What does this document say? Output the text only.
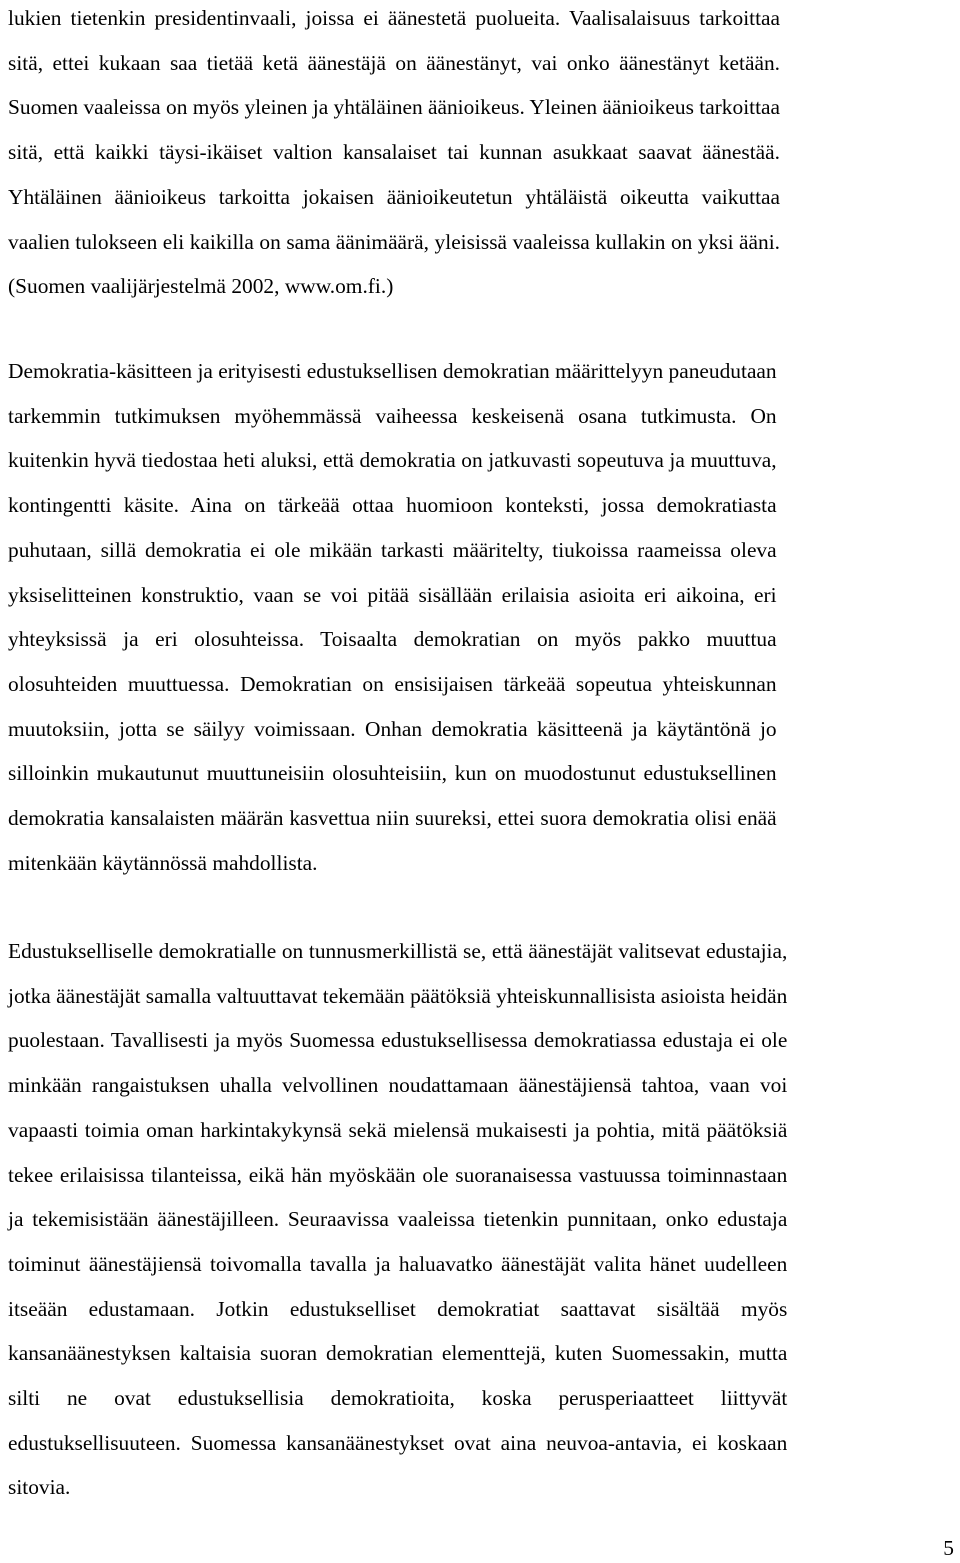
lukien tietenkin presidentinvaali, joissa ei äänestetä puolueita. Vaalisalaisuus tarkoittaa
sitä, ettei kukaan saa tietää ketä äänestäjä on äänestänyt, vai onko äänestänyt ketään.
Suomen vaaleissa on myös yleinen ja yhtäläinen äänioikeus. Yleinen äänioikeus tarkoittaa
sitä, että kaikki täysi-ikäiset valtion kansalaiset tai kunnan asukkaat saavat äänestää.
Yhtäläinen äänioikeus tarkoitta jokaisen äänioikeutetun yhtäläistä oikeutta vaikuttaa
vaalien tulokseen eli kaikilla on sama äänimäärä, yleisissä vaaleissa kullakin on yksi ääni.
(Suomen vaalijärjestelmä 2002, www.om.fi.)

Demokratia-käsitteen ja erityisesti edustuksellisen demokratian määrittelyyn paneudutaan
tarkemmin tutkimuksen myöhemmässä vaiheessa keskeisenä osana tutkimusta. On
kuitenkin hyvä tiedostaa heti aluksi, että demokratia on jatkuvasti sopeutuva ja muuttuva,
kontingentti käsite. Aina on tärkeää ottaa huomioon konteksti, jossa demokratiasta
puhutaan, sillä demokratia ei ole mikään tarkasti määritelty, tiukoissa raameissa oleva
yksiselitteinen konstruktio, vaan se voi pitää sisällään erilaisia asioita eri aikoina, eri
yhteyksissä ja eri olosuhteissa. Toisaalta demokratian on myös pakko muuttua
olosuhteiden muuttuessa. Demokratian on ensisijaisen tärkeää sopeutua yhteiskunnan
muutoksiin, jotta se säilyy voimissaan. Onhan demokratia käsitteenä ja käytäntönä jo
silloinkin mukautunut muuttuneisiin olosuhteisiin, kun on muodostunut edustuksellinen
demokratia kansalaisten määrän kasvettua niin suureksi, ettei suora demokratia olisi enää
mitenkään käytännössä mahdollista.

Edustukselliselle demokratialle on tunnusmerkillistä se, että äänestäjät valitsevat edustajia,
jotka äänestäjät samalla valtuuttavat tekemään päätöksiä yhteiskunnallisista asioista heidän
puolestaan. Tavallisesti ja myös Suomessa edustuksellisessa demokratiassa edustaja ei ole
minkään rangaistuksen uhalla velvollinen noudattamaan äänestäjiensä tahtoa, vaan voi
vapaasti toimia oman harkintakykynsä sekä mielensä mukaisesti ja pohtia, mitä päätöksiä
tekee erilaisissa tilanteissa, eikä hän myöskään ole suoranaisessa vastuussa toiminnastaan
ja tekemisistään äänestäjilleen. Seuraavissa vaaleissa tietenkin punnitaan, onko edustaja
toiminut äänestäjiensä toivomalla tavalla ja haluavatko äänestäjät valita hänet uudelleen
itseään edustamaan. Jotkin edustukselliset demokratiat saattavat sisältää myös
kansanäänestyksen kaltaisia suoran demokratian elementtejä, kuten Suomessakin, mutta
silti ne ovat edustuksellisia demokratioita, koska perusperiaatteet liittyvät
edustuksellisuuteen. Suomessa kansanäänestykset ovat aina neuvoa-antavia, ei koskaan
sitovia.

5
